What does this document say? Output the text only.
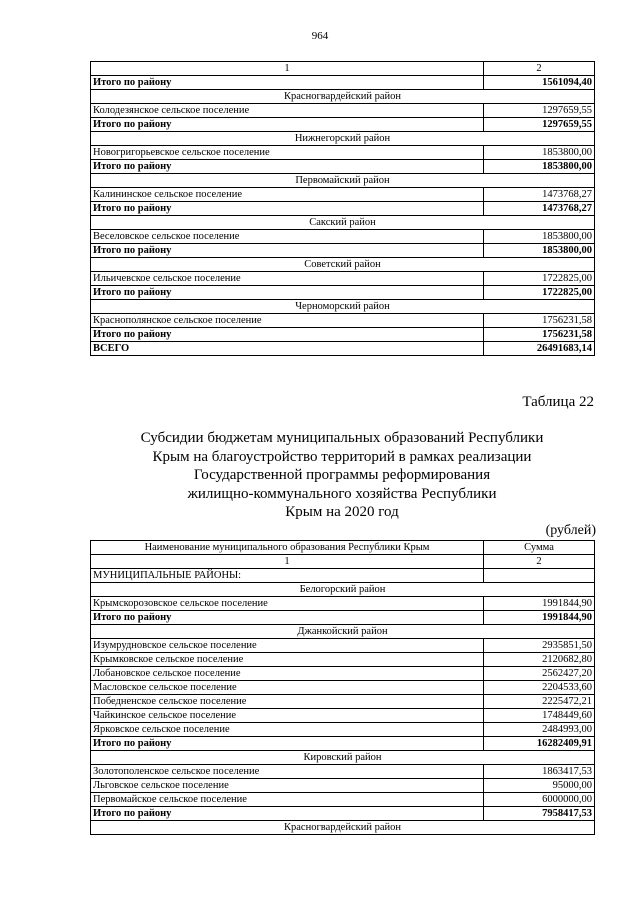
964
1	2
Итого по району	1561094,40
Красногвардейский район	
Колодезянское сельское поселение	1297659,55
Итого по району	1297659,55
Нижнегорский район	
Новогригорьевское сельское поселение	1853800,00
Итого по району	1853800,00
Первомайский район	
Калининское сельское поселение	1473768,27
Итого по району	1473768,27
Сакский район	
Веселовское сельское поселение	1853800,00
Итого по району	1853800,00
Советский район	
Ильичевское сельское поселение	1722825,00
Итого по району	1722825,00
Черноморский район	
Краснополянское сельское поселение	1756231,58
Итого по району	1756231,58
ВСЕГО	26491683,14
Таблица 22
Субсидии бюджетам муниципальных образований Республики
Крым на благоустройство территорий в рамках реализации
Государственной программы реформирования
жилищно-коммунального хозяйства Республики
Крым на 2020 год
(рублей)
Наименование муниципального образования Республики Крым	Сумма
1	2
МУНИЦИПАЛЬНЫЕ РАЙОНЫ:	
Белогорский район	
Крымскорозовское сельское поселение	1991844,90
Итого по району	1991844,90
Джанкойский район	
Изумрудновское сельское поселение	2935851,50
Крымковское сельское поселение	2120682,80
Лобановское сельское поселение	2562427,20
Масловское сельское поселение	2204533,60
Победненское сельское поселение	2225472,21
Чайкинское сельское поселение	1748449,60
Ярковское сельское поселение	2484993,00
Итого по району	16282409,91
Кировский район	
Золотополенское сельское поселение	1863417,53
Льговское сельское поселение	95000,00
Первомайское сельское поселение	6000000,00
Итого по району	7958417,53
Красногвардейский район	
